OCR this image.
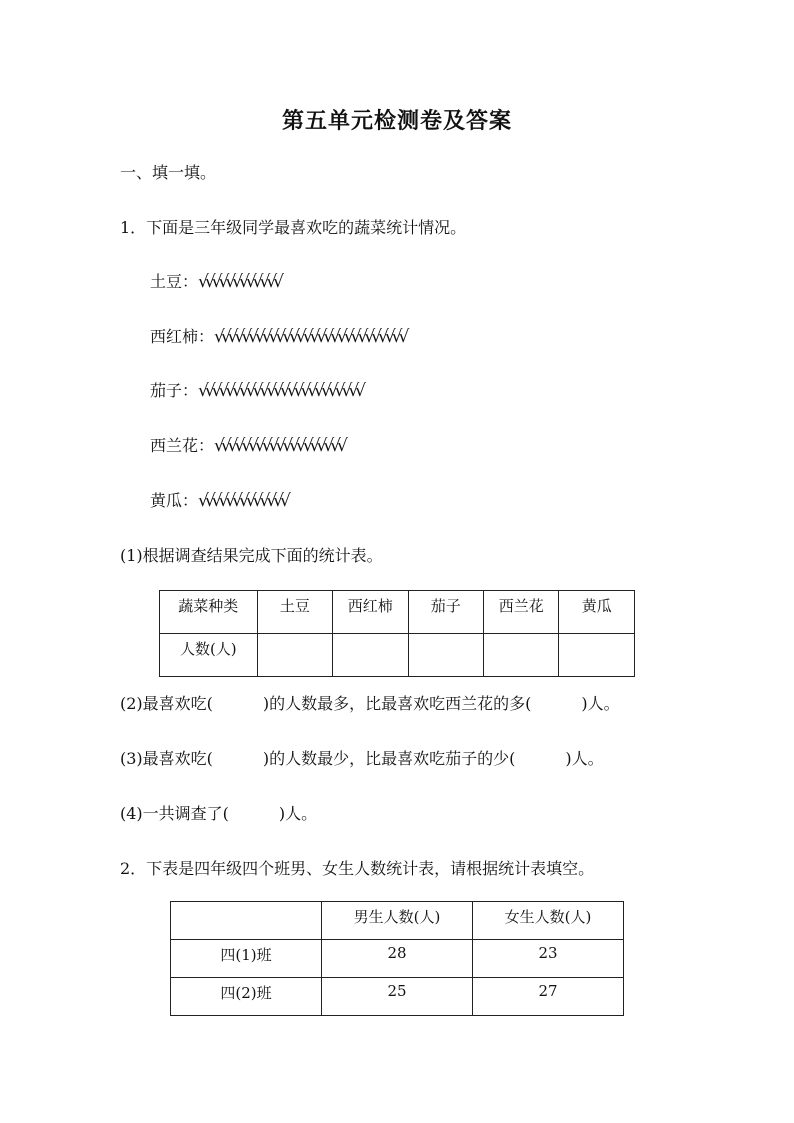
第五单元检测卷及答案
一、填一填。
1．下面是三年级同学最喜欢吃的蔬菜统计情况。
土豆：√√√√√√√√√√√√
西红柿：√√√√√√√√√√√√√√√√√√√√√√√√√√√√
茄子：√√√√√√√√√√√√√√√√√√√√√√√√
西兰花：√√√√√√√√√√√√√√√√√√√
黄瓜：√√√√√√√√√√√√√
(1)根据调查结果完成下面的统计表。
蔬菜种类	土豆	西红柿	茄子	西兰花	黄瓜
人数(人)					
(2)最喜欢吃(	)的人数最多，比最喜欢吃西兰花的多(	)人。
(3)最喜欢吃(	)的人数最少，比最喜欢吃茄子的少(	)人。
(4)一共调查了(	)人。
2．下表是四年级四个班男、女生人数统计表，请根据统计表填空。
	男生人数(人)	女生人数(人)
四(1)班	28	23
四(2)班	25	27
